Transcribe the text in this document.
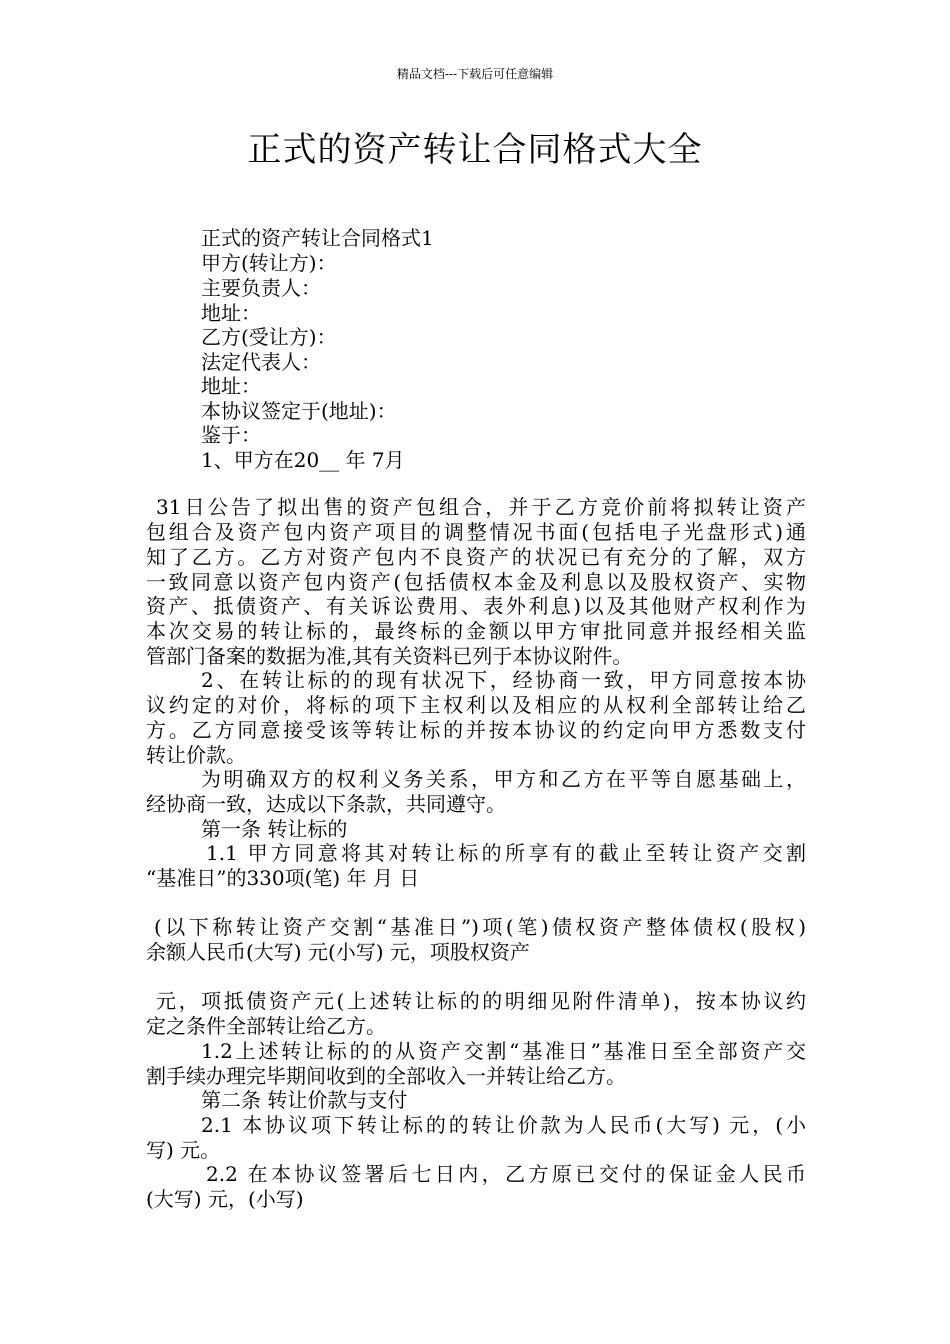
精品文档---下载后可任意编辑
正式的资产转让合同格式大全
正式的资产转让合同格式1
甲方(转让方)：
主要负责人：
地址：
乙方(受让方)：
法定代表人：
地址：
本协议签定于(地址)：
鉴于：
1、甲方在20__ 年 7月
31日公告了拟出售的资产包组合，并于乙方竞价前将拟转让资产
包组合及资产包内资产项目的调整情况书面(包括电子光盘形式)通
知了乙方。乙方对资产包内不良资产的状况已有充分的了解，双方
一致同意以资产包内资产(包括债权本金及利息以及股权资产、实物
资产、抵债资产、有关诉讼费用、表外利息)以及其他财产权利作为
本次交易的转让标的，最终标的金额以甲方审批同意并报经相关监
管部门备案的数据为准,其有关资料已列于本协议附件。
2、在转让标的的现有状况下，经协商一致，甲方同意按本协
议约定的对价，将标的项下主权利以及相应的从权利全部转让给乙
方。乙方同意接受该等转让标的并按本协议的约定向甲方悉数支付
转让价款。
为明确双方的权利义务关系，甲方和乙方在平等自愿基础上，
经协商一致，达成以下条款，共同遵守。
第一条 转让标的
1.1 甲方同意将其对转让标的所享有的截止至转让资产交割
“基准日”的330项(笔) 年 月 日
(以下称转让资产交割“基准日”)项(笔)债权资产整体债权(股权)
余额人民币(大写) 元(小写) 元，项股权资产
元，项抵债资产元(上述转让标的的明细见附件清单)，按本协议约
定之条件全部转让给乙方。
1.2上述转让标的的从资产交割“基准日”基准日至全部资产交
割手续办理完毕期间收到的全部收入一并转让给乙方。
第二条 转让价款与支付
2.1 本协议项下转让标的的转让价款为人民币(大写) 元，(小
写) 元。
2.2 在本协议签署后七日内，乙方原已交付的保证金人民币
(大写) 元，(小写)
